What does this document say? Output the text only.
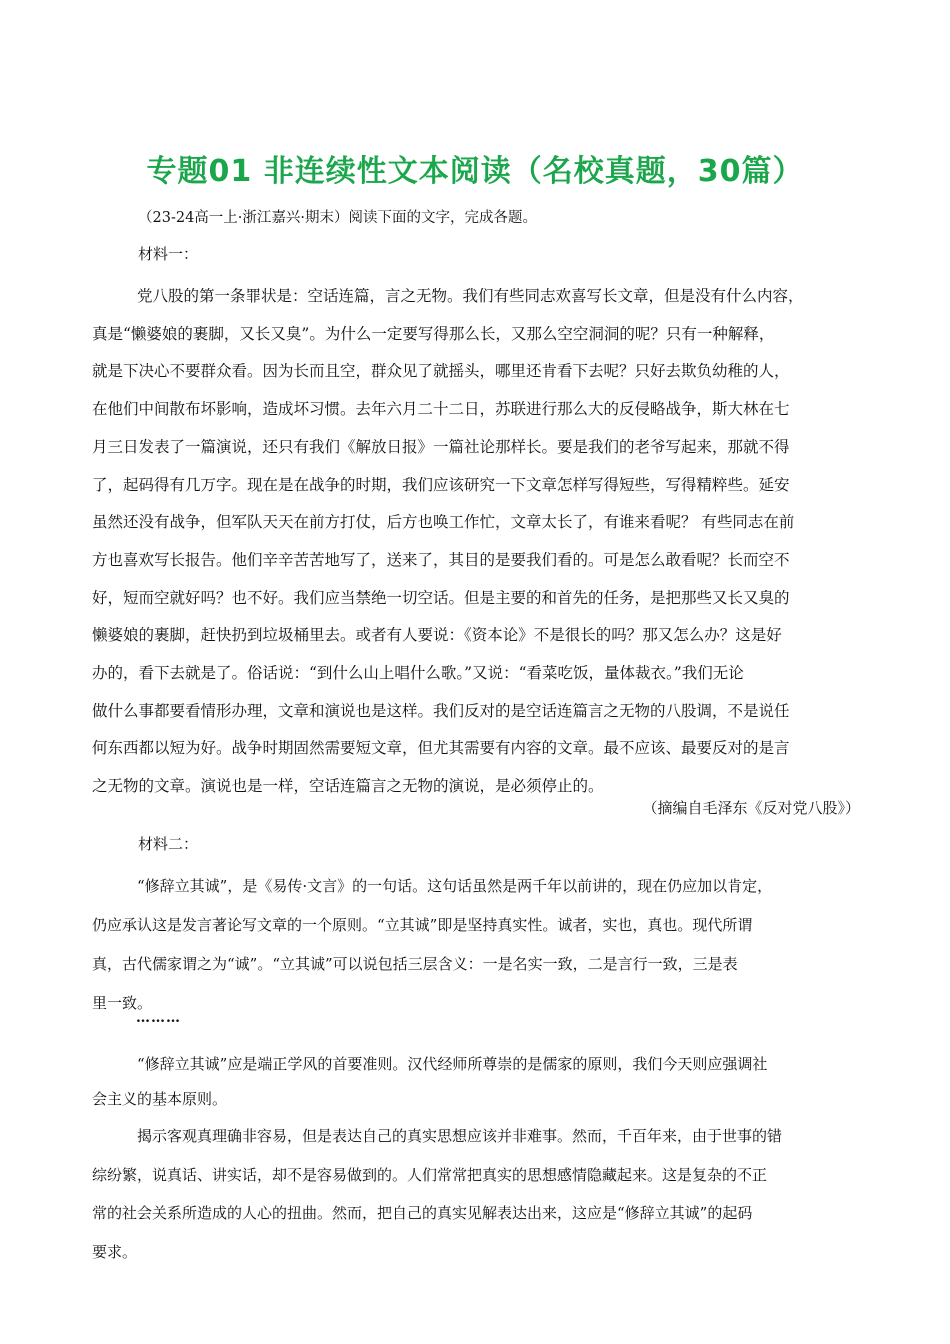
专题01 非连续性文本阅读（名校真题，30篇）
（23-24高一上·浙江嘉兴·期末）阅读下面的文字，完成各题。
材料一：
党八股的第一条罪状是：空话连篇，言之无物。我们有些同志欢喜写长文章，但是没有什么内容，
真是“懒婆娘的裹脚，又长又臭”。为什么一定要写得那么长，又那么空空洞洞的呢？只有一种解释，
就是下决心不要群众看。因为长而且空，群众见了就摇头，哪里还肯看下去呢？只好去欺负幼稚的人，
在他们中间散布坏影响，造成坏习惯。去年六月二十二日，苏联进行那么大的反侵略战争，斯大林在七
月三日发表了一篇演说，还只有我们《解放日报》一篇社论那样长。要是我们的老爷写起来，那就不得
了，起码得有几万字。现在是在战争的时期，我们应该研究一下文章怎样写得短些，写得精粹些。延安
虽然还没有战争，但军队天天在前方打仗，后方也唤工作忙，文章太长了，有谁来看呢？ 有些同志在前
方也喜欢写长报告。他们辛辛苦苦地写了，送来了，其目的是要我们看的。可是怎么敢看呢？长而空不
好，短而空就好吗？也不好。我们应当禁绝一切空话。但是主要的和首先的任务，是把那些又长又臭的
懒婆娘的裹脚，赶快扔到垃圾桶里去。或者有人要说：《资本论》不是很长的吗？那又怎么办？这是好
办的，看下去就是了。俗话说：“到什么山上唱什么歌。”又说：“看菜吃饭，量体裁衣。”我们无论
做什么事都要看情形办理，文章和演说也是这样。我们反对的是空话连篇言之无物的八股调，不是说任
何东西都以短为好。战争时期固然需要短文章，但尤其需要有内容的文章。最不应该、最要反对的是言
之无物的文章。演说也是一样，空话连篇言之无物的演说，是必须停止的。
（摘编自毛泽东《反对党八股》）
材料二：
“修辞立其诚”，是《易传·文言》的一句话。这句话虽然是两千年以前讲的，现在仍应加以肯定，
仍应承认这是发言著论写文章的一个原则。“立其诚”即是坚持真实性。诚者，实也，真也。现代所谓
真，古代儒家谓之为“诚”。“立其诚”可以说包括三层含义：一是名实一致，二是言行一致，三是表
里一致。
………
“修辞立其诚”应是端正学风的首要准则。汉代经师所尊崇的是儒家的原则，我们今天则应强调社
会主义的基本原则。
揭示客观真理确非容易，但是表达自己的真实思想应该并非难事。然而，千百年来，由于世事的错
综纷繁，说真话、讲实话，却不是容易做到的。人们常常把真实的思想感情隐藏起来。这是复杂的不正
常的社会关系所造成的人心的扭曲。然而，把自己的真实见解表达出来，这应是“修辞立其诚”的起码
要求。
